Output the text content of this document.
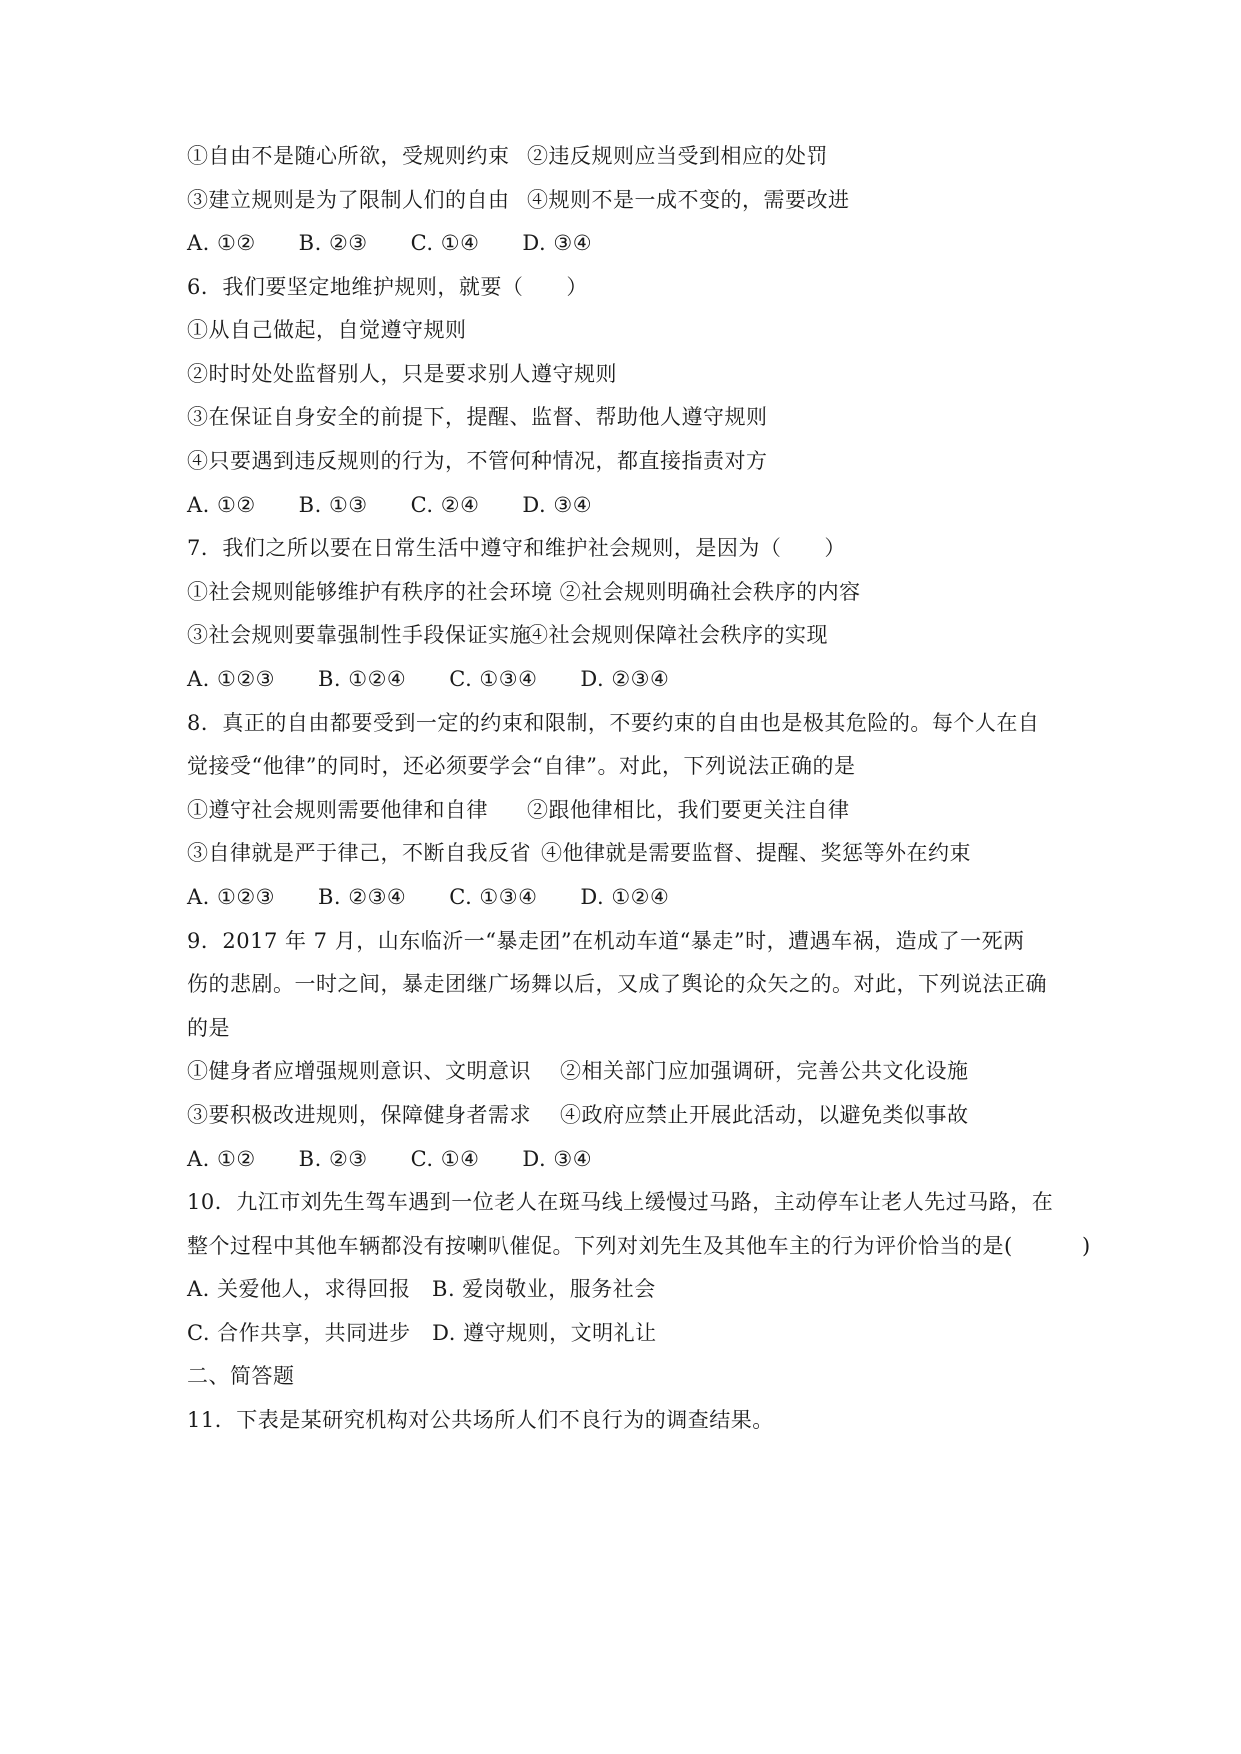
①自由不是随心所欲，受规则约束 ②违反规则应当受到相应的处罚
③建立规则是为了限制人们的自由 ④规则不是一成不变的，需要改进
A. ①②　　B. ②③　　C. ①④　　D. ③④
6．我们要坚定地维护规则，就要（　　）
①从自己做起，自觉遵守规则
②时时处处监督别人，只是要求别人遵守规则
③在保证自身安全的前提下，提醒、监督、帮助他人遵守规则
④只要遇到违反规则的行为，不管何种情况，都直接指责对方
A. ①②　　B. ①③　　C. ②④　　D. ③④
7．我们之所以要在日常生活中遵守和维护社会规则，是因为（　　）
①社会规则能够维护有秩序的社会环境 ②社会规则明确社会秩序的内容
③社会规则要靠强制性手段保证实施
④社会规则保障社会秩序的实现
A. ①②③　　B. ①②④　　C. ①③④　　D. ②③④
8．真正的自由都要受到一定的约束和限制，不要约束的自由也是极其危险的。每个人在自
觉接受“他律”的同时，还必须要学会“自律”。对此，下列说法正确的是
①遵守社会规则需要他律和自律 ②跟他律相比，我们要更关注自律
③自律就是严于律己，不断自我反省 ④他律就是需要监督、提醒、奖惩等外在约束
A. ①②③　　B. ②③④　　C. ①③④　　D. ①②④
9．2017 年 7 月，山东临沂一“暴走团”在机动车道“暴走”时，遭遇车祸，造成了一死两
伤的悲剧。一时之间，暴走团继广场舞以后，又成了舆论的众矢之的。对此，下列说法正确
的是
①健身者应增强规则意识、文明意识 ②相关部门应加强调研，完善公共文化设施
③要积极改进规则，保障健身者需求 ④政府应禁止开展此活动，以避免类似事故
A. ①②　　B. ②③　　C. ①④　　D. ③④
10．九江市刘先生驾车遇到一位老人在斑马线上缓慢过马路，主动停车让老人先过马路，在
整个过程中其他车辆都没有按喇叭催促。下列对刘先生及其他车主的行为评价恰当的是(	)
A. 关爱他人，求得回报　B. 爱岗敬业，服务社会
C. 合作共享，共同进步　D. 遵守规则，文明礼让
二、简答题
11．下表是某研究机构对公共场所人们不良行为的调查结果。
